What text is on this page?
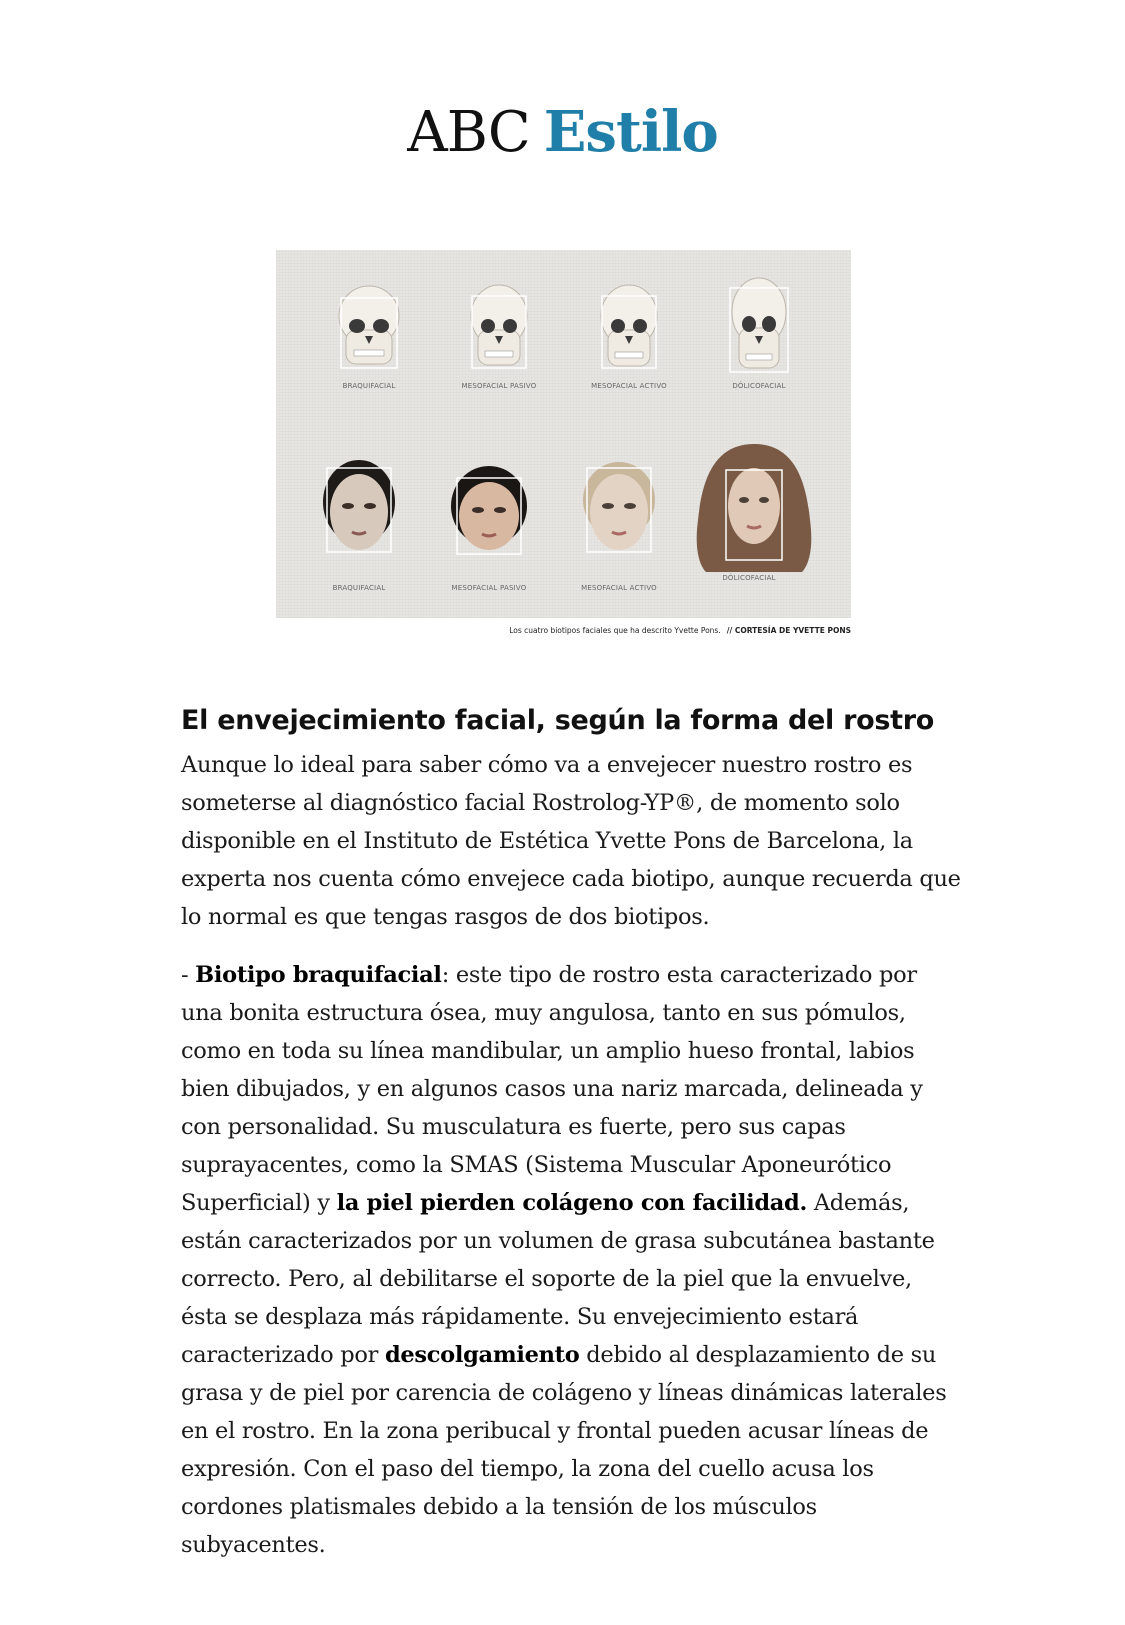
ABC Estilo
BRAQUIFACIAL	MESOFACIAL PASIVO	MESOFACIAL ACTIVO	DÓLICOFACIAL
BRAQUIFACIAL	MESOFACIAL PASIVO	MESOFACIAL ACTIVO
DÓLICOFACIAL
Los cuatro biotipos faciales que ha descrito Yvette Pons. // CORTESÍA DE YVETTE PONS
El envejecimiento facial, según la forma del rostro

Aunque lo ideal para saber cómo va a envejecer nuestro rostro es someterse al diagnóstico facial Rostrolog-YP®, de momento solo disponible en el Instituto de Estética Yvette Pons de Barcelona, la experta nos cuenta cómo envejece cada biotipo, aunque recuerda que lo normal es que tengas rasgos de dos biotipos.

- Biotipo braquifacial: este tipo de rostro esta caracterizado por una bonita estructura ósea, muy angulosa, tanto en sus pómulos, como en toda su línea mandibular, un amplio hueso frontal, labios bien dibujados, y en algunos casos una nariz marcada, delineada y con personalidad. Su musculatura es fuerte, pero sus capas suprayacentes, como la SMAS (Sistema Muscular Aponeurótico Superficial) y la piel pierden colágeno con facilidad. Además, están caracterizados por un volumen de grasa subcutánea bastante correcto. Pero, al debilitarse el soporte de la piel que la envuelve, ésta se desplaza más rápidamente. Su envejecimiento estará caracterizado por descolgamiento debido al desplazamiento de su grasa y de piel por carencia de colágeno y líneas dinámicas laterales en el rostro. En la zona peribucal y frontal pueden acusar líneas de expresión. Con el paso del tiempo, la zona del cuello acusa los cordones platismales debido a la tensión de los músculos subyacentes.
